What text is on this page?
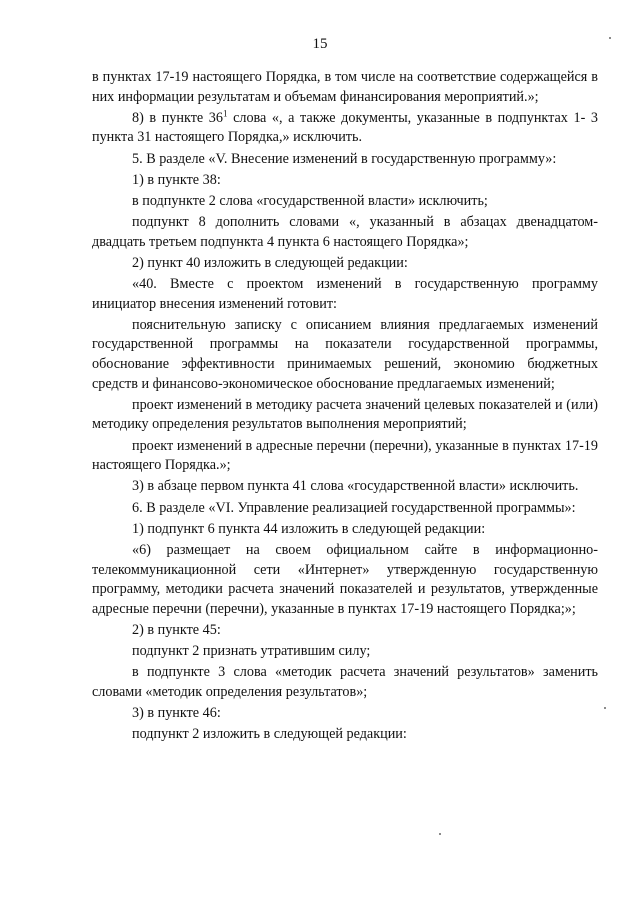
15

в пунктах 17-19 настоящего Порядка, в том числе на соответствие содержащейся в них информации результатам и объемам финансирования мероприятий.»;

8) в пункте $36^1$ слова «, а также документы, указанные в подпунктах 1- 3 пункта 31 настоящего Порядка,» исключить.

5. В разделе «V. Внесение изменений в государственную программу»:

1) в пункте 38:

в подпункте 2 слова «государственной власти» исключить;

подпункт 8 дополнить словами «, указанный в абзацах двенадцатом-двадцать третьем подпункта 4 пункта 6 настоящего Порядка»;

2) пункт 40 изложить в следующей редакции:

«40. Вместе с проектом изменений в государственную программу инициатор внесения изменений готовит:

пояснительную записку с описанием влияния предлагаемых изменений государственной программы на показатели государственной программы, обоснование эффективности принимаемых решений, экономию бюджетных средств и финансово-экономическое обоснование предлагаемых изменений;

проект изменений в методику расчета значений целевых показателей и (или) методику определения результатов выполнения мероприятий;

проект изменений в адресные перечни (перечни), указанные в пунктах 17-19 настоящего Порядка.»;

3) в абзаце первом пункта 41 слова «государственной власти» исключить.

6. В разделе «VI. Управление реализацией государственной программы»:

1) подпункт 6 пункта 44 изложить в следующей редакции:

«6) размещает на своем официальном сайте в информационно-телекоммуникационной сети «Интернет» утвержденную государственную программу, методики расчета значений показателей и результатов, утвержденные адресные перечни (перечни), указанные в пунктах 17-19 настоящего Порядка;»;

2) в пункте 45:

подпункт 2 признать утратившим силу;

в подпункте 3 слова «методик расчета значений результатов» заменить словами «методик определения результатов»;

3) в пункте 46:

подпункт 2 изложить в следующей редакции:
